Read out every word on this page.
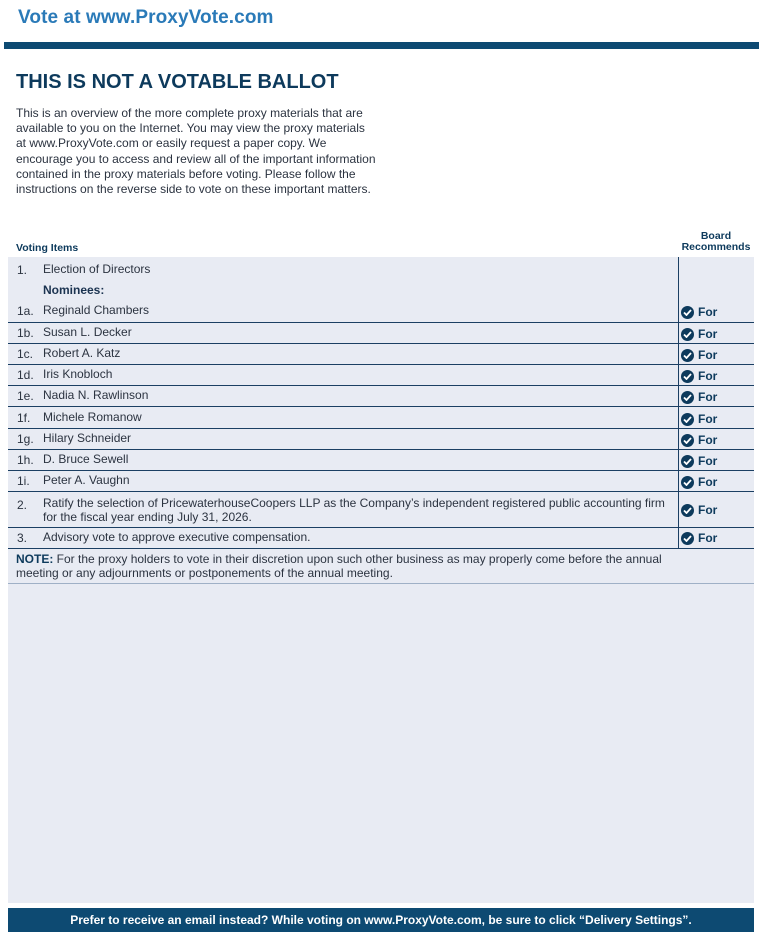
Vote at www.ProxyVote.com
THIS IS NOT A VOTABLE BALLOT

This is an overview of the more complete proxy materials that are available to you on the Internet. You may view the proxy materials at www.ProxyVote.com or easily request a paper copy. We encourage you to access and review all of the important information contained in the proxy materials before voting. Please follow the instructions on the reverse side to vote on these important matters.

Voting Items
Board
Recommends
1. Election of Directors
Nominees:
1a. Reginald Chambers	For
1b. Susan L. Decker	For
1c. Robert A. Katz	For
1d. Iris Knobloch	For
1e. Nadia N. Rawlinson	For
1f. Michele Romanow	For
1g. Hilary Schneider	For
1h. D. Bruce Sewell	For
1i. Peter A. Vaughn	For
2. Ratify the selection of PricewaterhouseCoopers LLP as the Company’s independent registered public accounting firm for the fiscal year ending July 31, 2026.	For
3. Advisory vote to approve executive compensation.	For
NOTE: For the proxy holders to vote in their discretion upon such other business as may properly come before the annual meeting or any adjournments or postponements of the annual meeting.
Prefer to receive an email instead? While voting on www.ProxyVote.com, be sure to click “Delivery Settings”.
